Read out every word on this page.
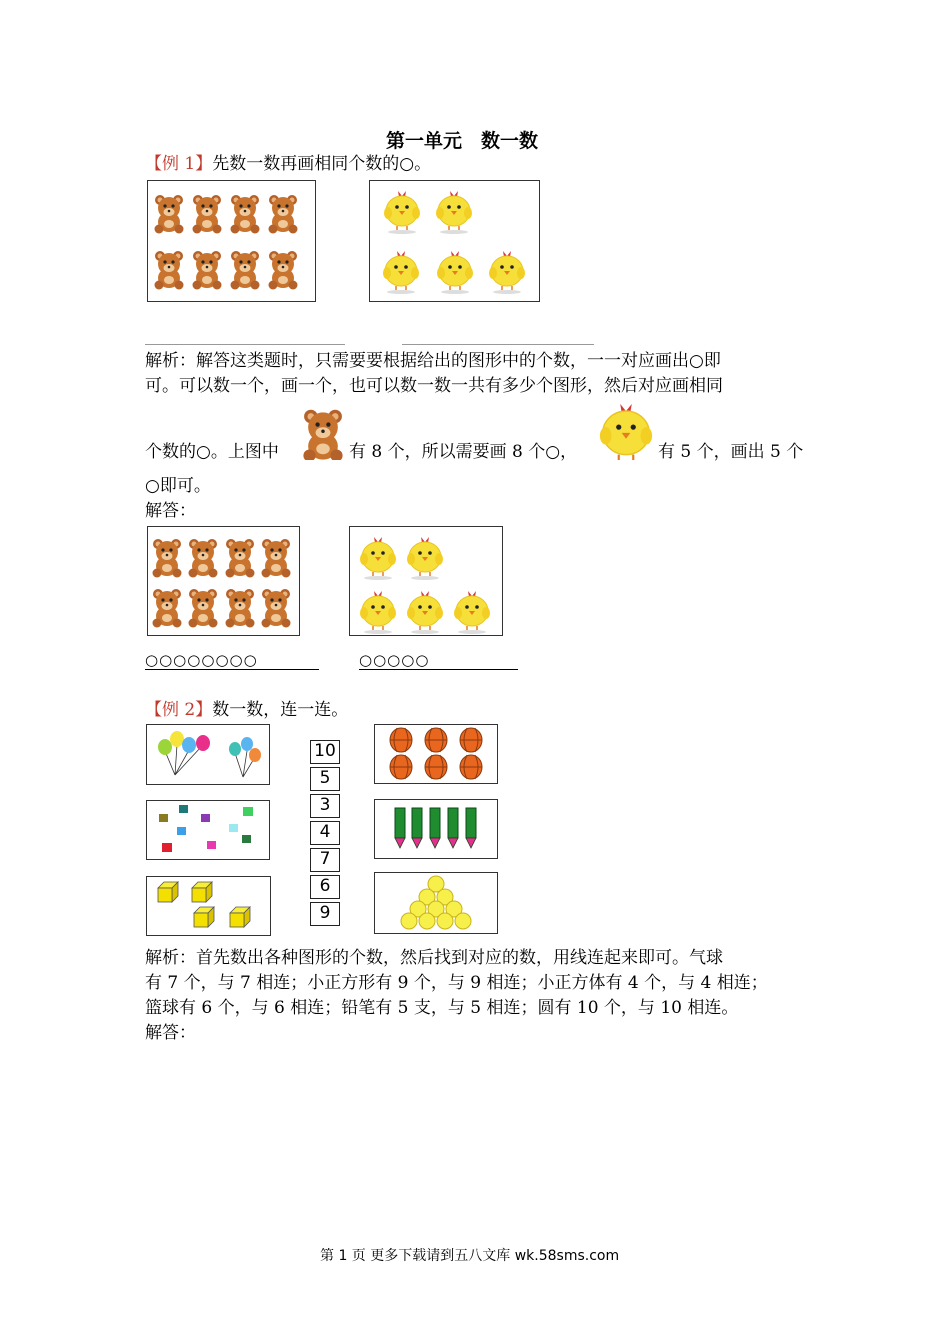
第一单元　数一数
【例 1】先数一数再画相同个数的○。
解析：解答这类题时，只需要要根据给出的图形中的个数，一一对应画出○即
可。可以数一个，画一个，也可以数一数一共有多少个图形，然后对应画相同
个数的○。上图中	有 8 个，所以需要画 8 个○，	有 5 个，画出 5 个
○即可。
解答：
○○○○○○○○	○○○○○
【例 2】数一数，连一连。
10
5
3
4
7
6
9
解析：首先数出各种图形的个数，然后找到对应的数，用线连起来即可。气球
有 7 个，与 7 相连；小正方形有 9 个，与 9 相连；小正方体有 4 个，与 4 相连；
篮球有 6 个，与 6 相连；铅笔有 5 支，与 5 相连；圆有 10 个，与 10 相连。
解答：
第 1 页 更多下载请到五八文库 wk.58sms.com
